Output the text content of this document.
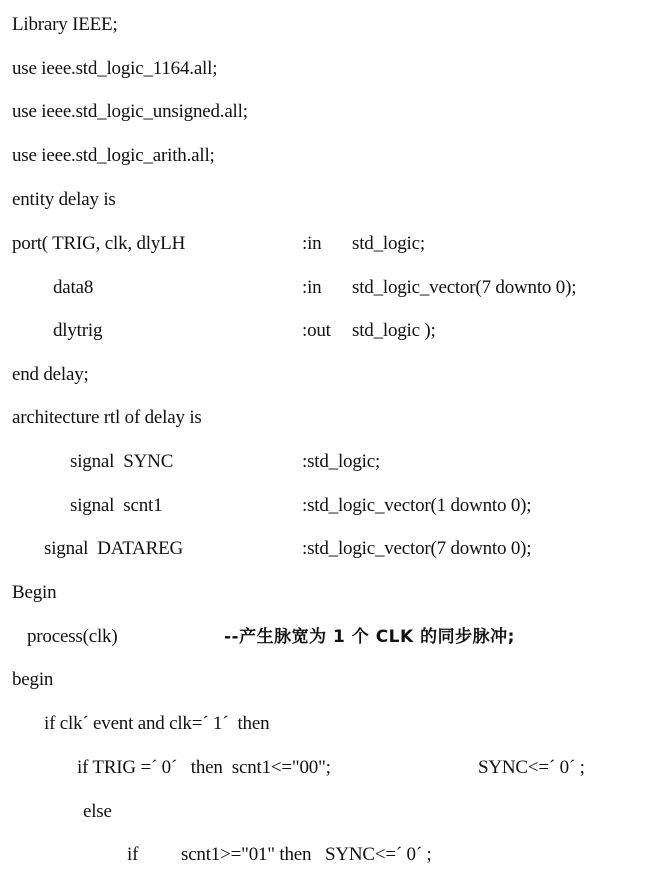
Library IEEE;
use ieee.std_logic_1164.all;
use ieee.std_logic_unsigned.all;
use ieee.std_logic_arith.all;
entity delay is
port( TRIG, clk, dlyLH	:in std_logic;
data8	:in std_logic_vector(7 downto 0);
dlytrig	:out std_logic );
end delay;
architecture rtl of delay is
signal  SYNC	:std_logic;
signal  scnt1	:std_logic_vector(1 downto 0);
signal  DATAREG	:std_logic_vector(7 downto 0);
Begin
process(clk)	--产生脉宽为 1 个 CLK 的同步脉冲;
begin
if clk´ event and clk=´ 1´  then
if TRIG =´ 0´   then  scnt1<="00";	SYNC<=´ 0´ ;
else
if scnt1>="01" then   SYNC<=´ 0´ ;
